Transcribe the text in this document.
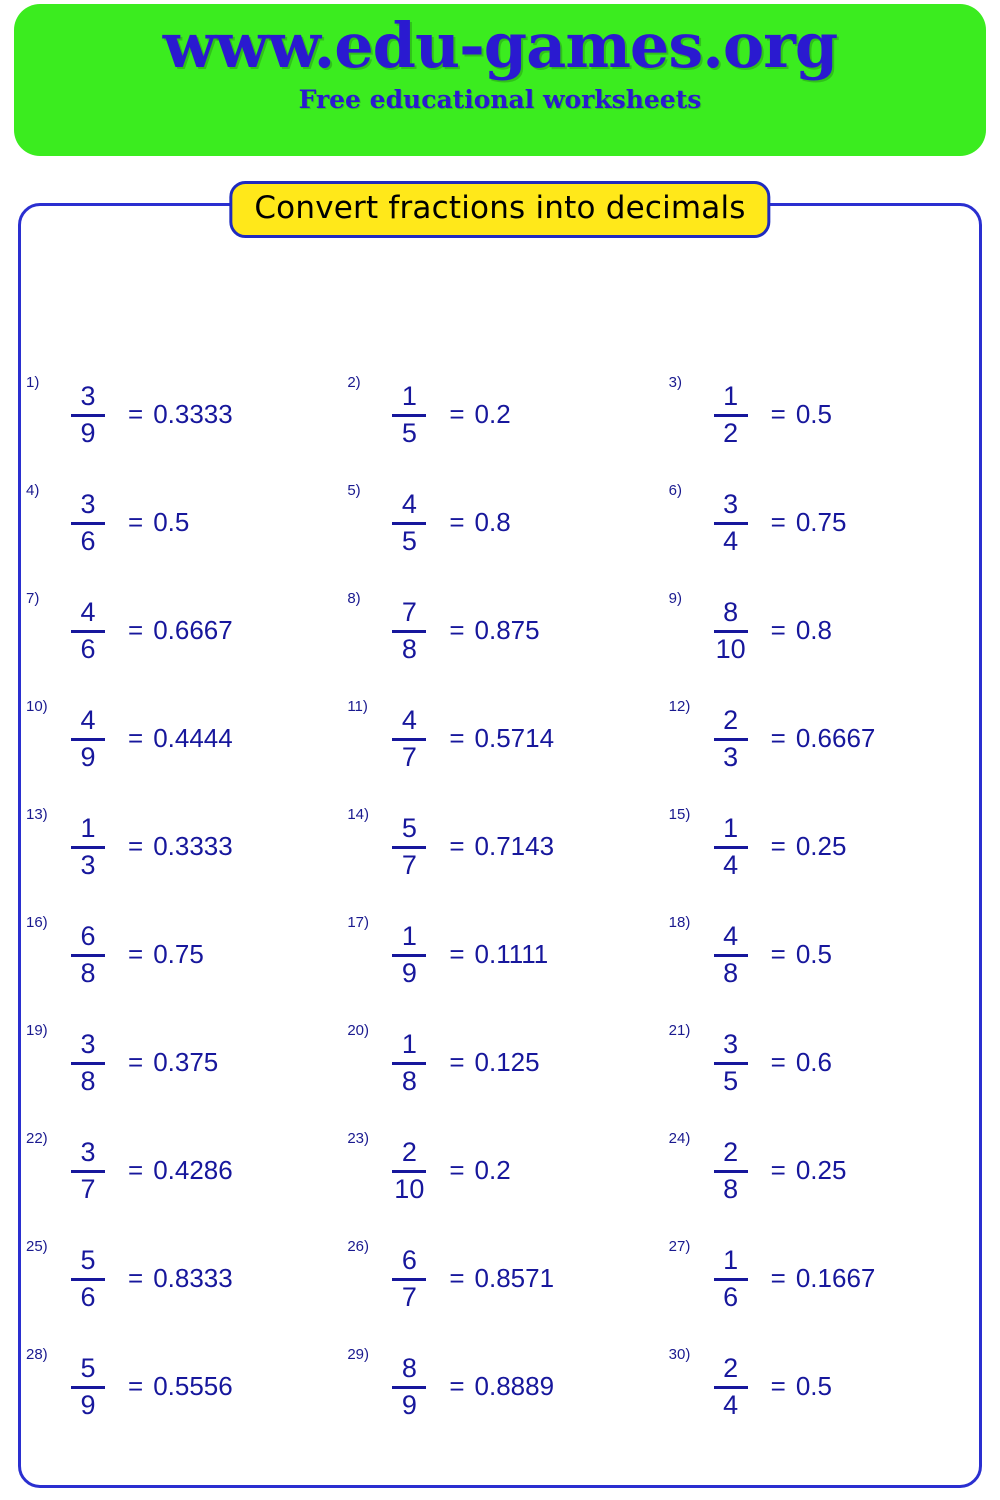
www.edu-games.org
Free educational worksheets
Convert fractions into decimals
$1) \frac{3}{9} = 0.3333$
$2) \frac{1}{5} = 0.2$
$3) \frac{1}{2} = 0.5$
$4) \frac{3}{6} = 0.5$
$5) \frac{4}{5} = 0.8$
$6) \frac{3}{4} = 0.75$
$7) \frac{4}{6} = 0.6667$
$8) \frac{7}{8} = 0.875$
$9) \frac{8}{10} = 0.8$
$10) \frac{4}{9} = 0.4444$
$11) \frac{4}{7} = 0.5714$
$12) \frac{2}{3} = 0.6667$
$13) \frac{1}{3} = 0.3333$
$14) \frac{5}{7} = 0.7143$
$15) \frac{1}{4} = 0.25$
$16) \frac{6}{8} = 0.75$
$17) \frac{1}{9} = 0.1111$
$18) \frac{4}{8} = 0.5$
$19) \frac{3}{8} = 0.375$
$20) \frac{1}{8} = 0.125$
$21) \frac{3}{5} = 0.6$
$22) \frac{3}{7} = 0.4286$
$23) \frac{2}{10} = 0.2$
$24) \frac{2}{8} = 0.25$
$25) \frac{5}{6} = 0.8333$
$26) \frac{6}{7} = 0.8571$
$27) \frac{1}{6} = 0.1667$
$28) \frac{5}{9} = 0.5556$
$29) \frac{8}{9} = 0.8889$
$30) \frac{2}{4} = 0.5$
